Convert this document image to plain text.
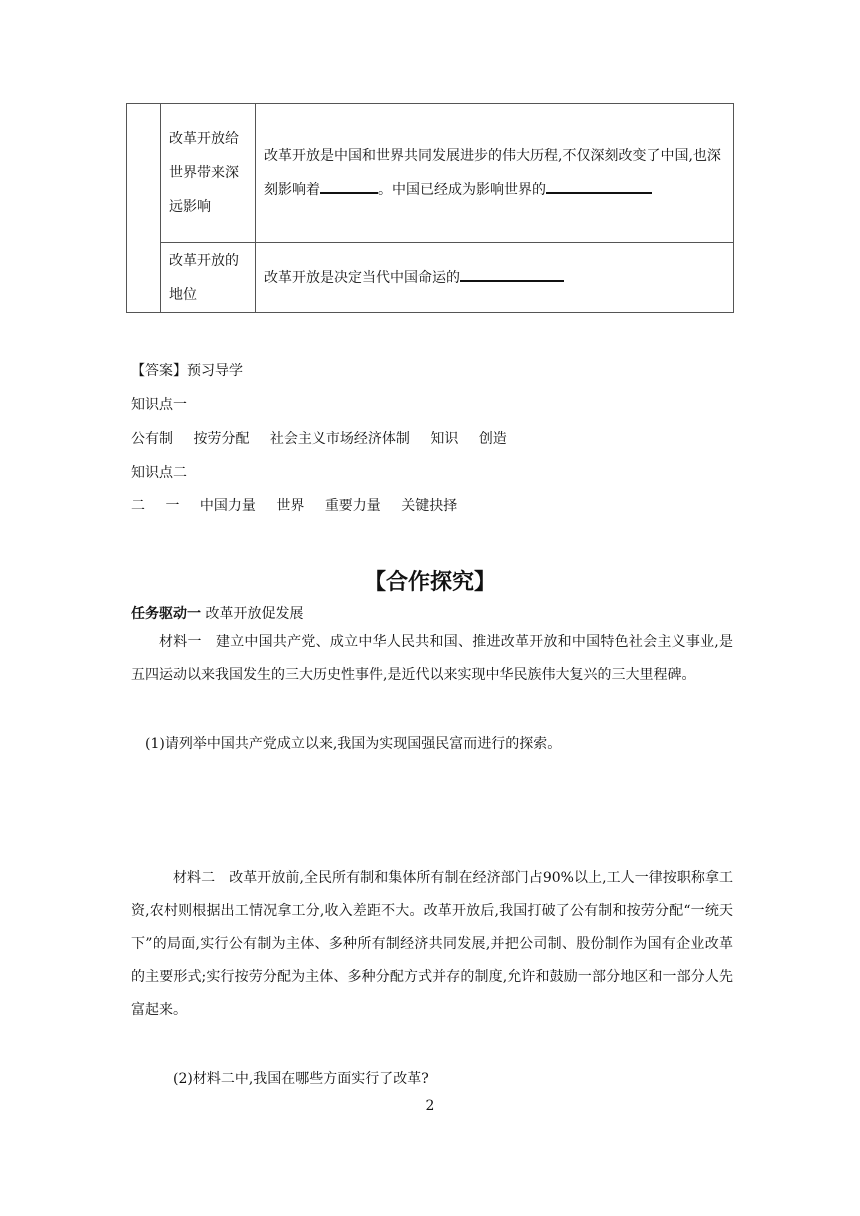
	改革开放给世界带来深远影响	改革开放是中国和世界共同发展进步的伟大历程,不仅深刻改变了中国,也深刻影响着 。中国已经成为影响世界的
	改革开放的地位	改革开放是决定当代中国命运的
【答案】预习导学
知识点一
公有制 按劳分配 社会主义市场经济体制 知识 创造
知识点二
二 一 中国力量 世界 重要力量 关键抉择
【合作探究】
任务驱动一 改革开放促发展
材料一　建立中国共产党、成立中华人民共和国、推进改革开放和中国特色社会主义事业,是五四运动以来我国发生的三大历史性事件,是近代以来实现中华民族伟大复兴的三大里程碑。
(1)请列举中国共产党成立以来,我国为实现国强民富而进行的探索。
材料二　改革开放前,全民所有制和集体所有制在经济部门占90%以上,工人一律按职称拿工资,农村则根据出工情况拿工分,收入差距不大。改革开放后,我国打破了公有制和按劳分配“一统天下”的局面,实行公有制为主体、多种所有制经济共同发展,并把公司制、股份制作为国有企业改革的主要形式;实行按劳分配为主体、多种分配方式并存的制度,允许和鼓励一部分地区和一部分人先富起来。
(2)材料二中,我国在哪些方面实行了改革?
2
